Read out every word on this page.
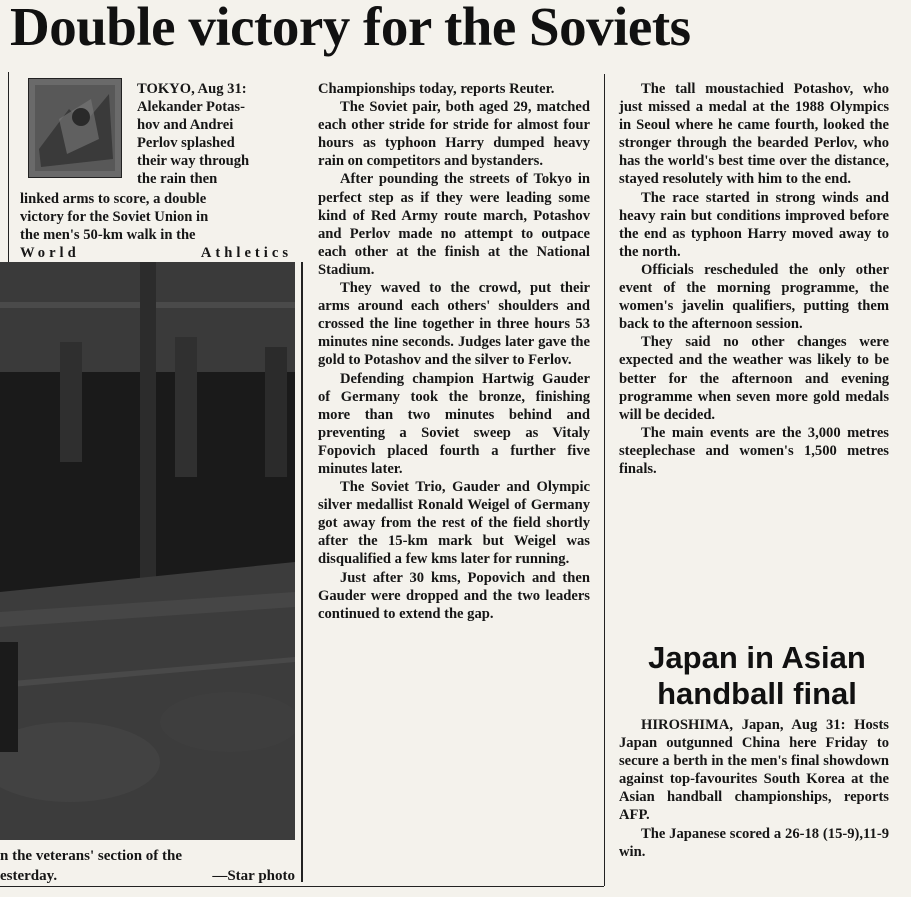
Double victory for the Soviets
TOKYO, Aug 31:
Alekander Potas-
hov and Andrei
Perlov splashed
their way through
the rain then
linked arms to score, a double
victory for the Soviet Union in
the men's 50-km walk in the
World	Athletics
n the veterans' section of the
esterday.	—Star photo

Championships today, reports Reuter.

The Soviet pair, both aged 29, matched each other stride for stride for almost four hours as typhoon Harry dumped heavy rain on competitors and bystanders.

After pounding the streets of Tokyo in perfect step as if they were leading some kind of Red Army route march, Potashov and Perlov made no attempt to outpace each other at the finish at the National Stadium.

They waved to the crowd, put their arms around each others' shoulders and crossed the line together in three hours 53 minutes nine seconds. Judges later gave the gold to Potashov and the silver to Ferlov.

Defending champion Hartwig Gauder of Germany took the bronze, finishing more than two minutes behind and preventing a Soviet sweep as Vitaly Fopovich placed fourth a further five minutes later.

The Soviet Trio, Gauder and Olympic silver medallist Ronald Weigel of Germany got away from the rest of the field shortly after the 15-km mark but Weigel was disqualified a few kms later for running.

Just after 30 kms, Popovich and then Gauder were dropped and the two leaders continued to extend the gap.

The tall moustachied Potashov, who just missed a medal at the 1988 Olympics in Seoul where he came fourth, looked the stronger through the bearded Perlov, who has the world's best time over the distance, stayed resolutely with him to the end.

The race started in strong winds and heavy rain but conditions improved before the end as typhoon Harry moved away to the north.

Officials rescheduled the only other event of the morning programme, the women's javelin qualifiers, putting them back to the afternoon session.

They said no other changes were expected and the weather was likely to be better for the afternoon and evening programme when seven more gold medals will be decided.

The main events are the 3,000 metres steeplechase and women's 1,500 metres finals.

Japan in Asian handball final

HIROSHIMA, Japan, Aug 31: Hosts Japan outgunned China here Friday to secure a berth in the men's final showdown against top-favourites South Korea at the Asian handball championships, reports AFP.

The Japanese scored a 26-18 (15-9),11-9 win.
